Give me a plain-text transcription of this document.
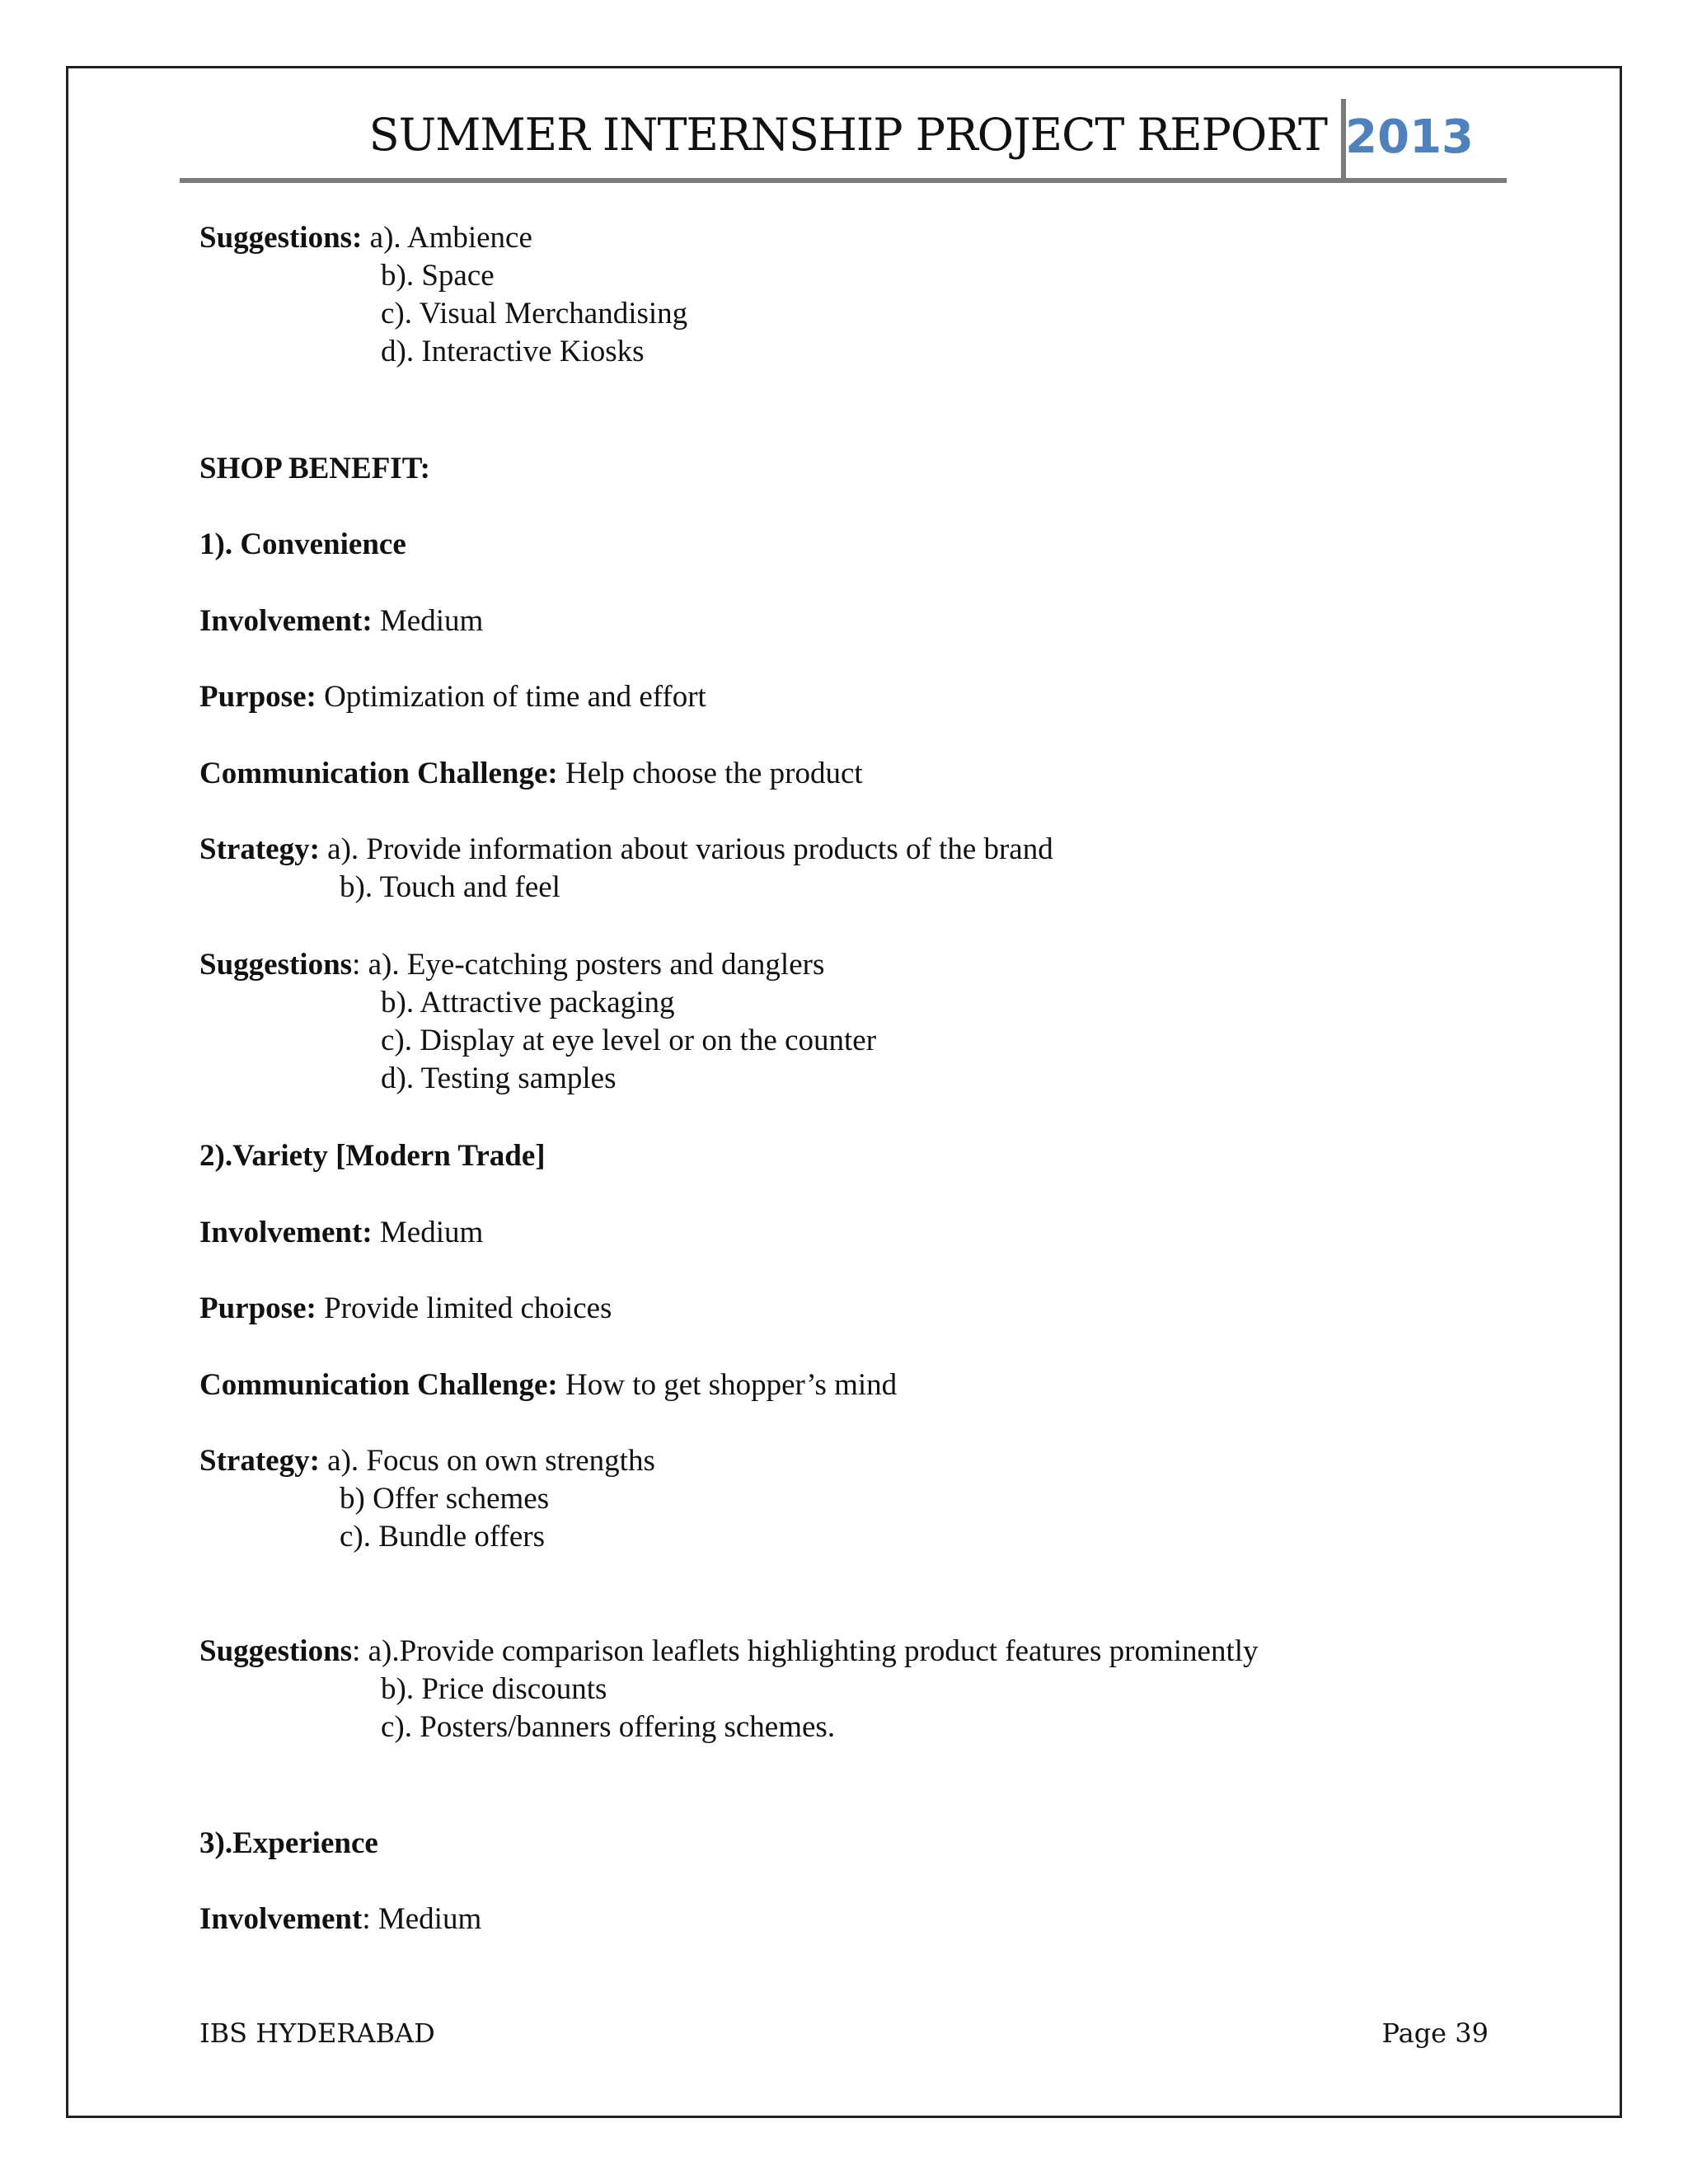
SUMMER INTERNSHIP PROJECT REPORT 2013
Suggestions: a). Ambience
b). Space
c). Visual Merchandising
d). Interactive Kiosks
SHOP BENEFIT:
1). Convenience
Involvement: Medium
Purpose: Optimization of time and effort
Communication Challenge: Help choose the product
Strategy: a). Provide information about various products of the brand
b). Touch and feel
Suggestions: a). Eye-catching posters and danglers
b). Attractive packaging
c). Display at eye level or on the counter
d). Testing samples
2).Variety [Modern Trade]
Involvement: Medium
Purpose: Provide limited choices
Communication Challenge: How to get shopper’s mind
Strategy: a). Focus on own strengths
b) Offer schemes
c). Bundle offers
Suggestions: a).Provide comparison leaflets highlighting product features prominently
b). Price discounts
c). Posters/banners offering schemes.
3).Experience
Involvement: Medium
IBS HYDERABAD	Page 39
